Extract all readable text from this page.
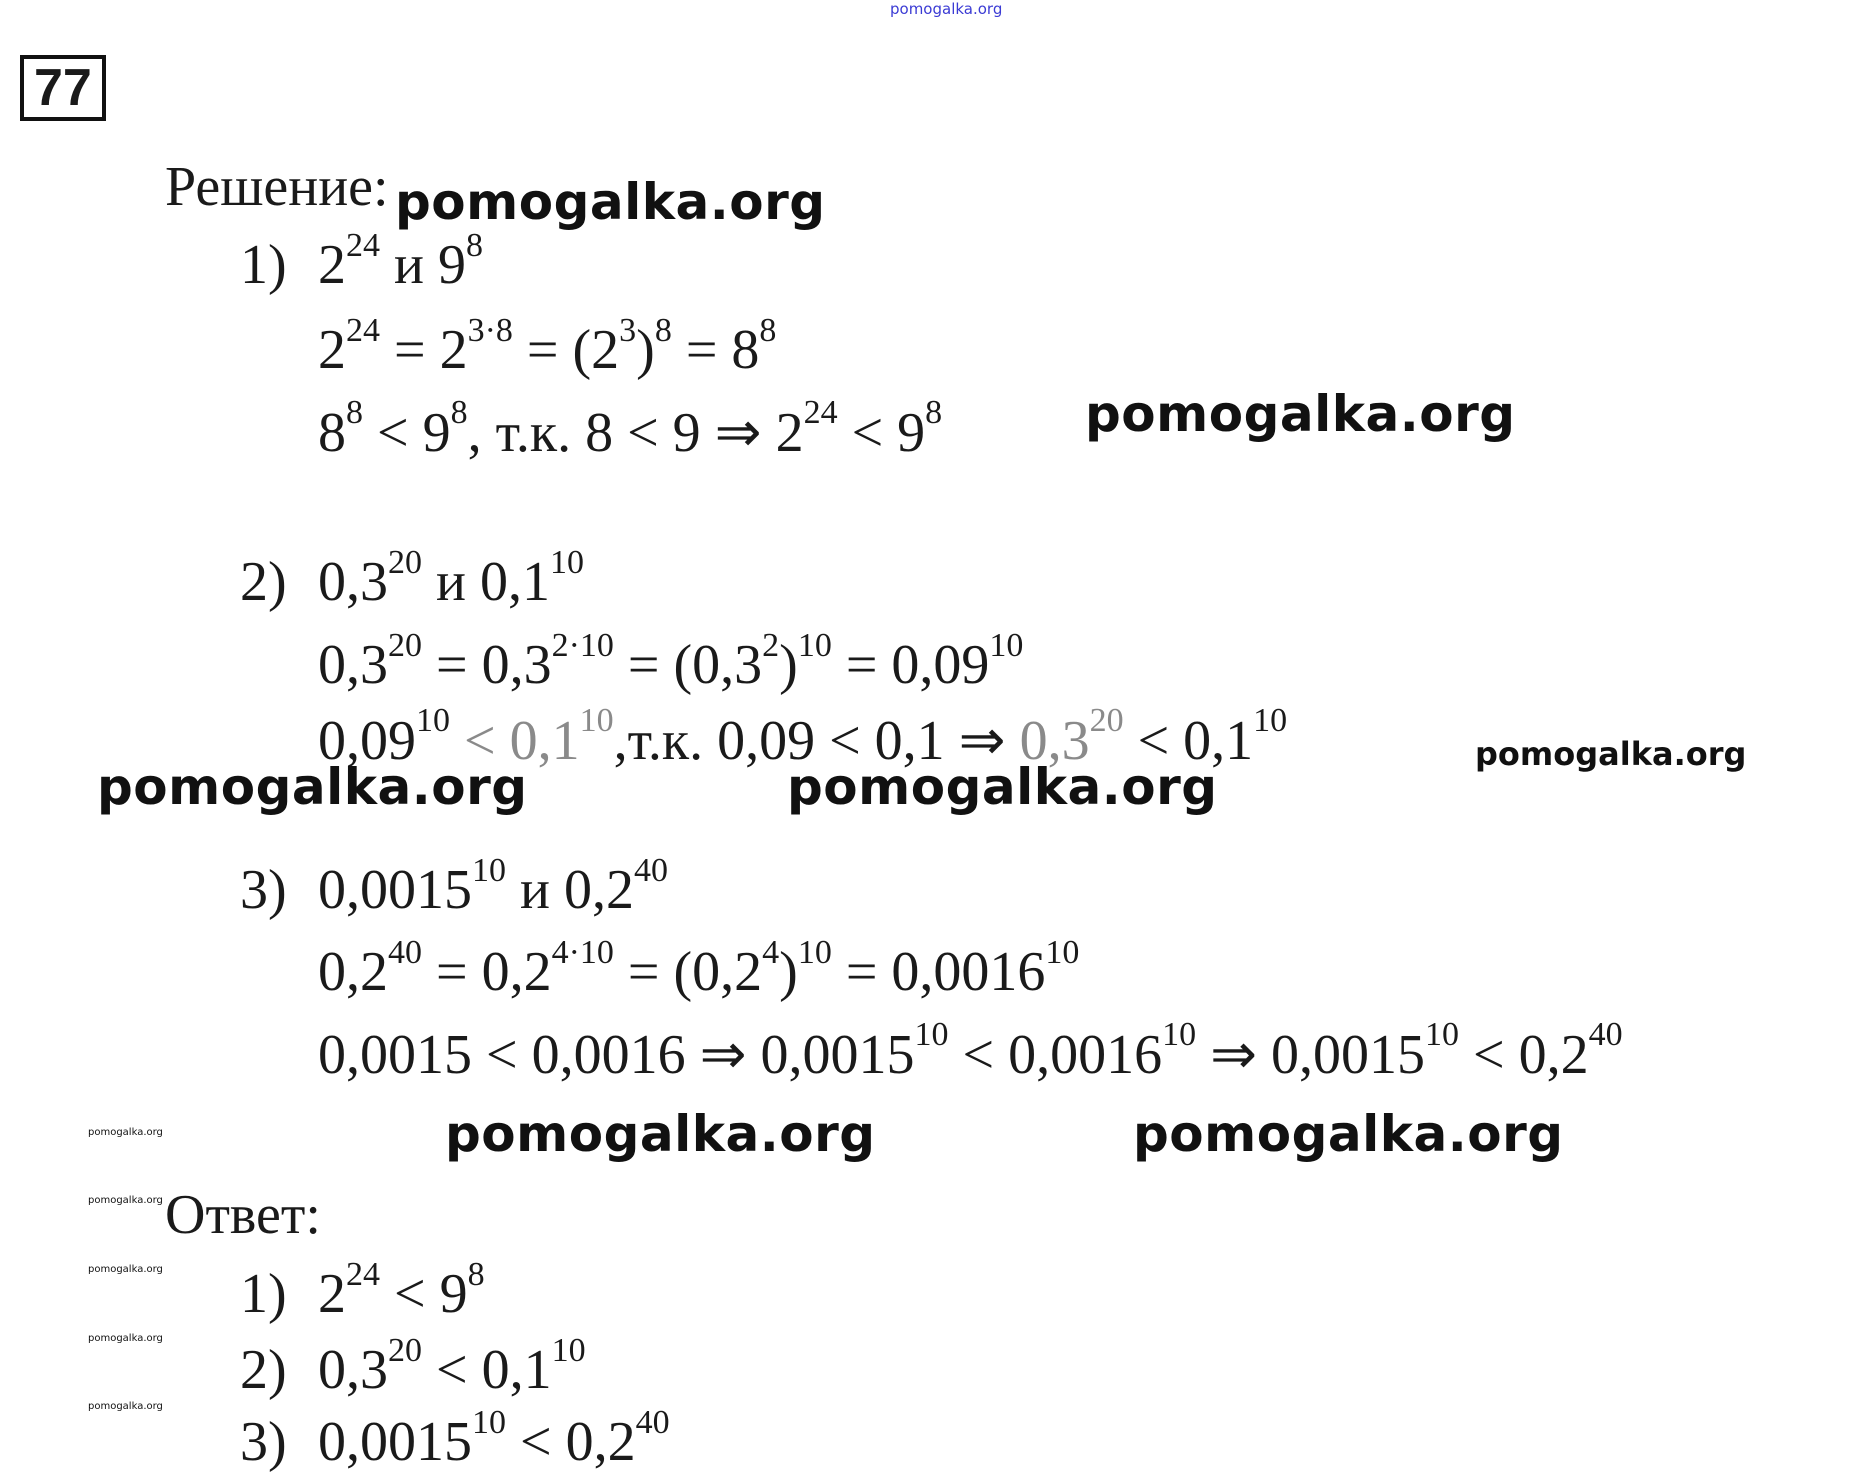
pomogalka.org
77
Решение:
1) $2^{24}$ и $9^8$
$2^{24} = 2^{3\cdot 8} = (2^3)^8 = 8^8$
$8^8 < 9^8$, т.к. 8 < 9 ⇒ $2^{24} < 9^8$
2) $0,3^{20}$ и $0,1^{10}$
$0,3^{20} = 0,3^{2\cdot 10} = (0,3^2)^{10} = 0,09^{10}$
$0,09^{10} < 0,1^{10},т.к$. 0,09 < 0,1 ⇒ $0,3^{20} < 0,1^{10}$
3) 0,0015$^{10}$ и $0,2^{40}$
$0,2^{40} = 0,2^{4\cdot 10} = (0,2^4)^{10} = 0,0016^{10}$
0,0015 < 0,0016 ⇒ $0,0015^{10} < 0,0016^{10}$ ⇒ $0,0015^{10} < 0,2^{40}$
Ответ:
1) $2^{24} < 9^8$
2) $0,3^{20} < 0,1^{10}$
3) $0,0015^{10} < 0,2^{40}$
pomogalka.org
pomogalka.org
pomogalka.org
pomogalka.org	pomogalka.org
pomogalka.org	pomogalka.org
pomogalka.org
pomogalka.org
pomogalka.org
pomogalka.org
pomogalka.org
